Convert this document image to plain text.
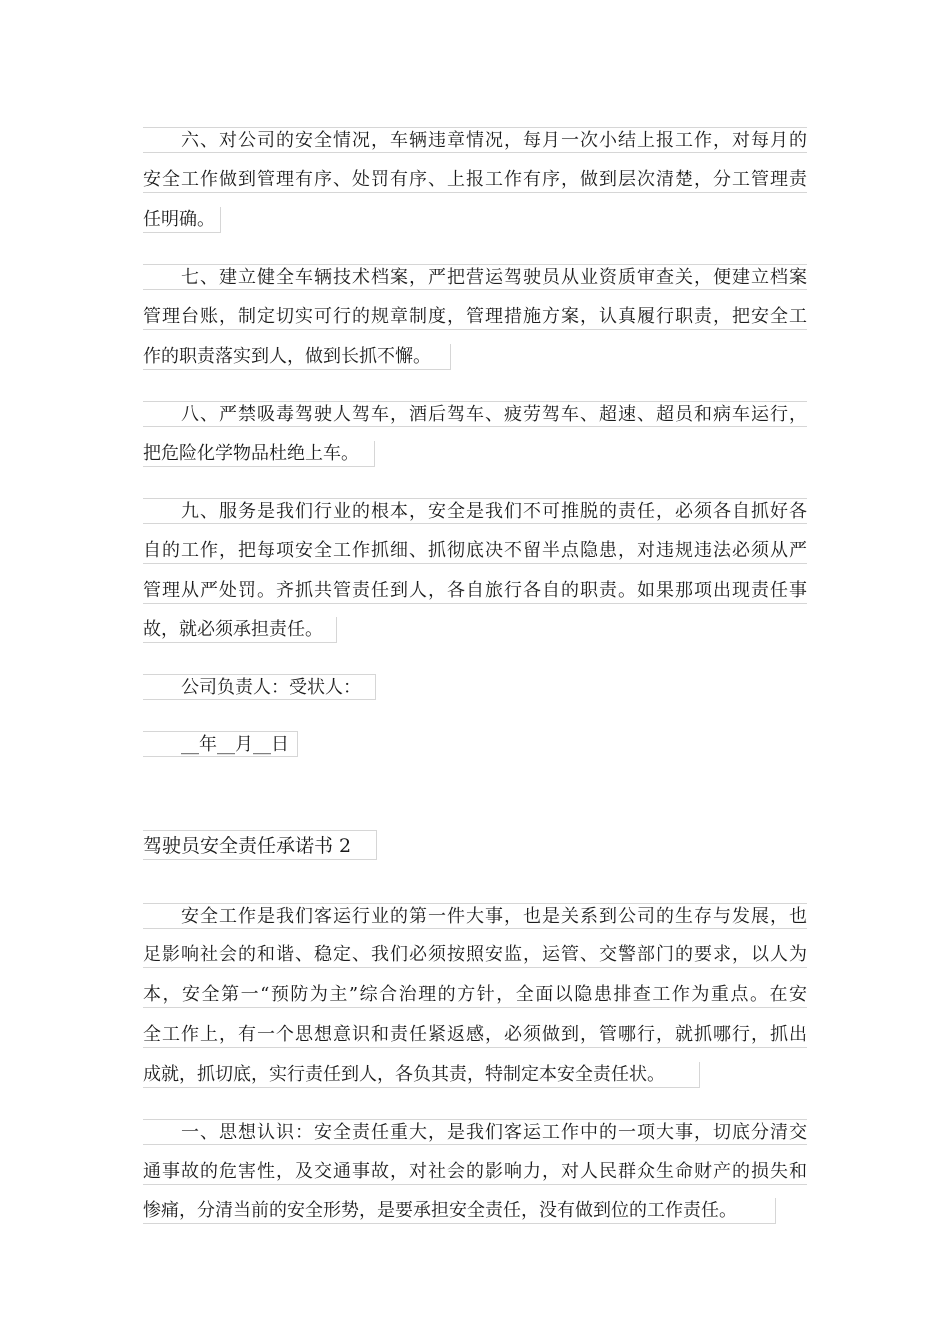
六、对公司的安全情况，车辆违章情况，每月一次小结上报工作，对每月的
安全工作做到管理有序、处罚有序、上报工作有序，做到层次清楚，分工管理责
任明确。
七、建立健全车辆技术档案，严把营运驾驶员从业资质审查关，便建立档案
管理台账，制定切实可行的规章制度，管理措施方案，认真履行职责，把安全工
作的职责落实到人，做到长抓不懈。
八、严禁吸毒驾驶人驾车，酒后驾车、疲劳驾车、超速、超员和病车运行，
把危险化学物品杜绝上车。
九、服务是我们行业的根本，安全是我们不可推脱的责任，必须各自抓好各
自的工作，把每项安全工作抓细、抓彻底决不留半点隐患，对违规违法必须从严
管理从严处罚。齐抓共管责任到人，各自旅行各自的职责。如果那项出现责任事
故，就必须承担责任。
公司负责人：受状人：
__年__月__日
驾驶员安全责任承诺书 2
安全工作是我们客运行业的第一件大事，也是关系到公司的生存与发展，也
足影响社会的和谐、稳定、我们必须按照安监，运管、交警部门的要求，以人为
本，安全第一“预防为主”综合治理的方针，全面以隐患排查工作为重点。在安
全工作上，有一个思想意识和责任紧返感，必须做到，管哪行，就抓哪行，抓出
成就，抓切底，实行责任到人，各负其责，特制定本安全责任状。
一、思想认识：安全责任重大，是我们客运工作中的一项大事，切底分清交
通事故的危害性，及交通事故，对社会的影响力，对人民群众生命财产的损失和
惨痛，分清当前的安全形势，是要承担安全责任，没有做到位的工作责任。
